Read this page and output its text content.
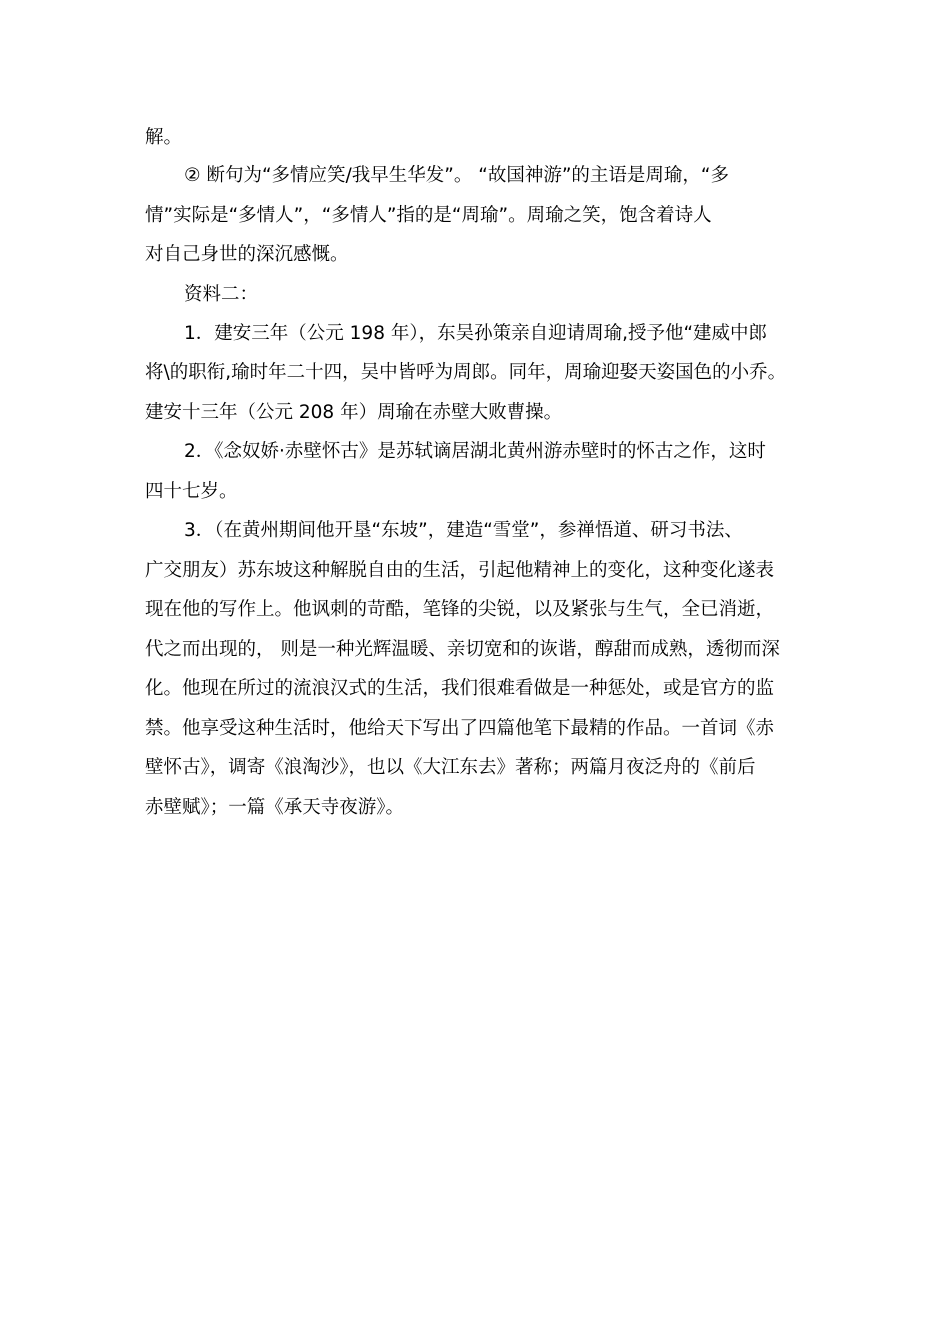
解。
② 断句为“多情应笑/我早生华发”。 “故国神游”的主语是周瑜，“多
情”实际是“多情人”，“多情人”指的是“周瑜”。周瑜之笑，饱含着诗人
对自己身世的深沉感慨。
资料二：
1．建安三年（公元 198 年），东吴孙策亲自迎请周瑜,授予他“建威中郎
将\的职衔,瑜时年二十四，吴中皆呼为周郎。同年，周瑜迎娶天姿国色的小乔。
建安十三年（公元 208 年）周瑜在赤壁大败曹操。
2．《念奴娇·赤壁怀古》是苏轼谪居湖北黄州游赤壁时的怀古之作，这时
四十七岁。
3．（在黄州期间他开垦“东坡”，建造“雪堂”，参禅悟道、研习书法、
广交朋友）苏东坡这种解脱自由的生活，引起他精神上的变化，这种变化遂表
现在他的写作上。他讽刺的苛酷，笔锋的尖锐，以及紧张与生气，全已消逝，
代之而出现的， 则是一种光辉温暖、亲切宽和的诙谐，醇甜而成熟，透彻而深
化。他现在所过的流浪汉式的生活，我们很难看做是一种惩处，或是官方的监
禁。他享受这种生活时，他给天下写出了四篇他笔下最精的作品。一首词《赤
壁怀古》，调寄《浪淘沙》，也以《大江东去》著称；两篇月夜泛舟的《前后
赤壁赋》；一篇《承天寺夜游》。
